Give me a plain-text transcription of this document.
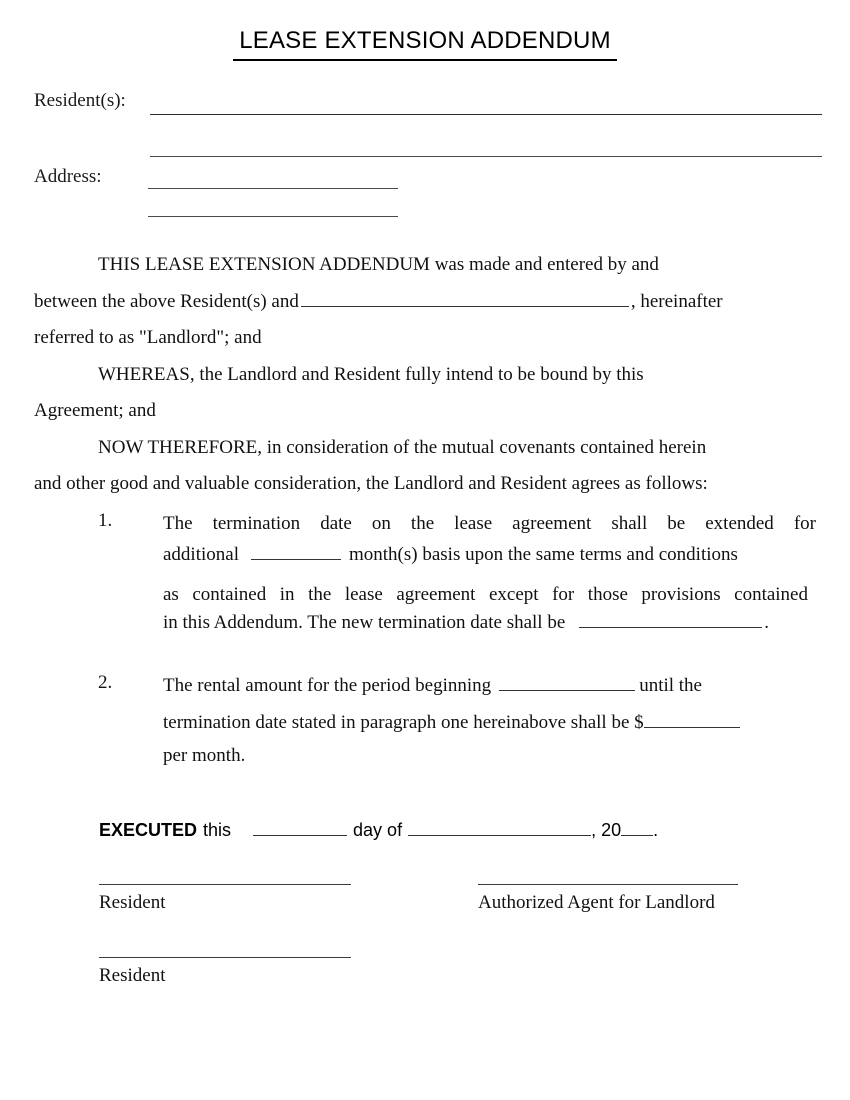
LEASE EXTENSION ADDENDUM
Resident(s):
Address:
THIS LEASE EXTENSION ADDENDUM was made and entered by and
between the above Resident(s) and	, hereinafter
referred to as "Landlord"; and
WHEREAS, the Landlord and Resident fully intend to be bound by this
Agreement; and
NOW THEREFORE, in consideration of the mutual covenants contained herein
and other good and valuable consideration, the Landlord and Resident agrees as follows:
1.	The termination date on the lease agreement shall be extended for
additional	month(s) basis upon the same terms and conditions
as contained in the lease agreement except for those provisions contained
in this Addendum. The new termination date shall be	.
2.	The rental amount for the period beginning	until the
termination date stated in paragraph one hereinabove shall be $
per month.
EXECUTED this	day of	, 20 .
Resident	Authorized Agent for Landlord
Resident
